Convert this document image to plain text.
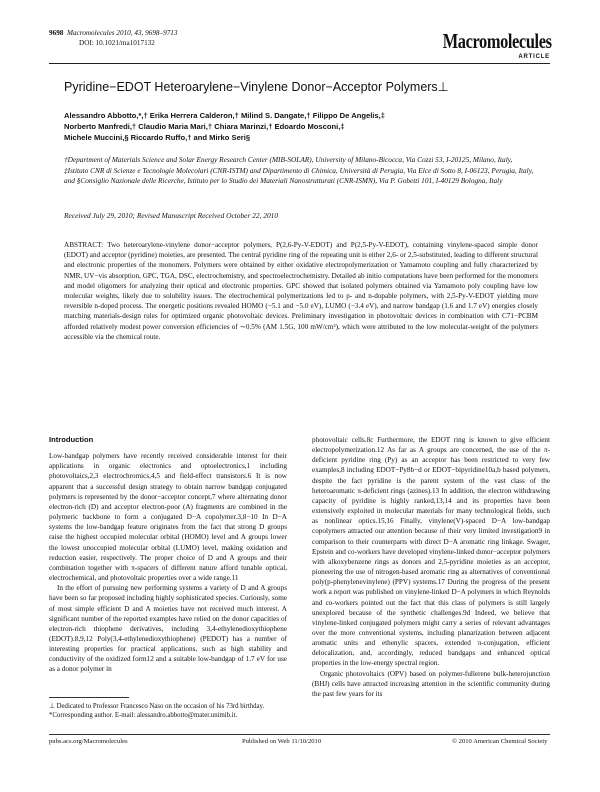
9698 Macromolecules 2010, 43, 9698–9713
DOI: 10.1021/ma1017132	Macromolecules
ARTICLE
Pyridine−EDOT Heteroarylene−Vinylene Donor−Acceptor Polymers⊥
Alessandro Abbotto,*,† Erika Herrera Calderon,† Milind S. Dangate,† Filippo De Angelis,‡
Norberto Manfredi,† Claudio Maria Mari,† Chiara Marinzi,† Edoardo Mosconi,‡
Michele Muccini,§ Riccardo Ruffo,† and Mirko Seri§
†Department of Materials Science and Solar Energy Research Center (MIB-SOLAR), University of Milano-Bicocca, Via Cozzi 53, I-20125, Milano, Italy, ‡Istituto CNR di Scienze e Tecnologie Molecolari (CNR-ISTM) and Dipartimento di Chimica, Università di Perugia, Via Elce di Sotto 8, I-06123, Perugia, Italy, and §Consiglio Nazionale delle Ricerche, Istituto per lo Studio dei Materiali Nanostrutturati (CNR-ISMN), Via P. Gobetti 101, I-40129 Bologna, Italy
Received July 29, 2010; Revised Manuscript Received October 22, 2010
ABSTRACT: Two heteroarylene-vinylene donor−acceptor polymers, P(2,6-Py-V-EDOT) and P(2,5-Py-V-EDOT), containing vinylene-spaced simple donor (EDOT) and acceptor (pyridine) moieties, are presented. The central pyridine ring of the repeating unit is either 2,6- or 2,5-substituted, leading to different structural and electronic properties of the monomers. Polymers were obtained by either oxidative electropolymerization or Yamamoto coupling and fully characterized by NMR, UV−vis absorption, GPC, TGA, DSC, electrochemistry, and spectroelectrochemistry. Detailed ab initio computations have been performed for the monomers and model oligomers for analyzing their optical and electronic properties. GPC showed that isolated polymers obtained via Yamamoto poly coupling have low molecular weights, likely due to solubility issues. The electrochemical polymerizations led to p- and n-dopable polymers, with 2,5-Py-V-EDOT yielding more reversible n-doped process. The energetic positions revealed HOMO (−5.1 and −5.0 eV), LUMO (−3.4 eV), and narrow bandgap (1.6 and 1.7 eV) energies closely matching materials-design rules for optimized organic photovoltaic devices. Preliminary investigation in photovoltaic devices in combination with C71−PCBM afforded relatively modest power conversion efficiencies of ∼0.5% (AM 1.5G, 100 mW/cm²), which were attributed to the low molecular-weight of the polymers accessible via the chemical route.
Introduction

Low-bandgap polymers have recently received considerable interest for their applications in organic electronics and optoelectronics,1 including photovoltaics,2,3 electrochromics,4,5 and field-effect transistors.6 It is now apparent that a successful design strategy to obtain narrow bandgap conjugated polymers is represented by the donor−acceptor concept,7 where alternating donor electron-rich (D) and acceptor electron-poor (A) fragments are combined in the polymeric backbone to form a conjugated D−A copolymer.3,8−10 In D−A systems the low-bandgap feature originates from the fact that strong D groups raise the highest occupied molecular orbital (HOMO) level and A groups lower the lowest unoccupied molecular orbital (LUMO) level, making oxidation and reduction easier, respectively. The proper choice of D and A groups and their combination together with π-spacers of different nature afford tunable optical, electrochemical, and photovoltaic properties over a wide range.11

In the effort of pursuing new performing systems a variety of D and A groups have been so far proposed including highly sophisticated species. Curiously, some of most simple efficient D and A moieties have not received much interest. A significant number of the reported examples have relied on the donor capacities of electron-rich thiophene derivatives, including 3,4-ethylenedioxythiophene (EDOT).8,9,12 Poly(3,4-ethylenedioxythiophene) (PEDOT) has a number of interesting properties for practical applications, such as high stability and conductivity of the oxidized form12 and a suitable low-bandgap of 1.7 eV for use as a donor polymer in

photovoltaic cells.8c Furthermore, the EDOT ring is known to give efficient electropolymerization.12 As far as A groups are concerned, the use of the π-deficient pyridine ring (Py) as an acceptor has been restricted to very few examples,8 including EDOT−Py8b−d or EDOT−bipyridine10a,b based polymers, despite the fact pyridine is the parent system of the vast class of the heteroaromatic π-deficient rings (azines).13 In addition, the electron withdrawing capacity of pyridine is highly ranked,13,14 and its properties have been extensively exploited in molecular materials for many technological fields, such as nonlinear optics.15,16 Finally, vinylene(V)-spaced D−A low-bandgap copolymers attracted our attention because of their very limited investigation9 in comparison to their counterparts with direct D−A aromatic ring linkage. Swager, Epstein and co-workers have developed vinylene-linked donor−acceptor polymers with alkoxybenzene rings as donors and 2,5-pyridine moieties as an acceptor, pioneering the use of nitrogen-based aromatic ring as alternatives of conventional poly(p-phenylenevinylene) (PPV) systems.17 During the progress of the present work a report was published on vinylene-linked D−A polymers in which Reynolds and co-workers pointed out the fact that this class of polymers is still largely unexplored because of the synthetic challenges.9d Indeed, we believe that vinylene-linked conjugated polymers might carry a series of relevant advantages over the more conventional systems, including planarization between adjacent aromatic units and ethenylic spacers, extended π-conjugation, efficient delocalization, and, accordingly, reduced bandgaps and enhanced optical properties in the low-energy spectral region.

Organic photovoltaics (OPV) based on polymer-fullerene bulk-heterojunction (BHJ) cells have attracted increasing attention in the scientific community during the past few years for its

⊥ Dedicated to Professor Francesco Naso on the occasion of his 73rd birthday.
*Corresponding author. E-mail: alessandro.abbotto@mater.unimib.it.
pubs.acs.org/Macromolecules	Published on Web 11/10/2010	© 2010 American Chemical Society
